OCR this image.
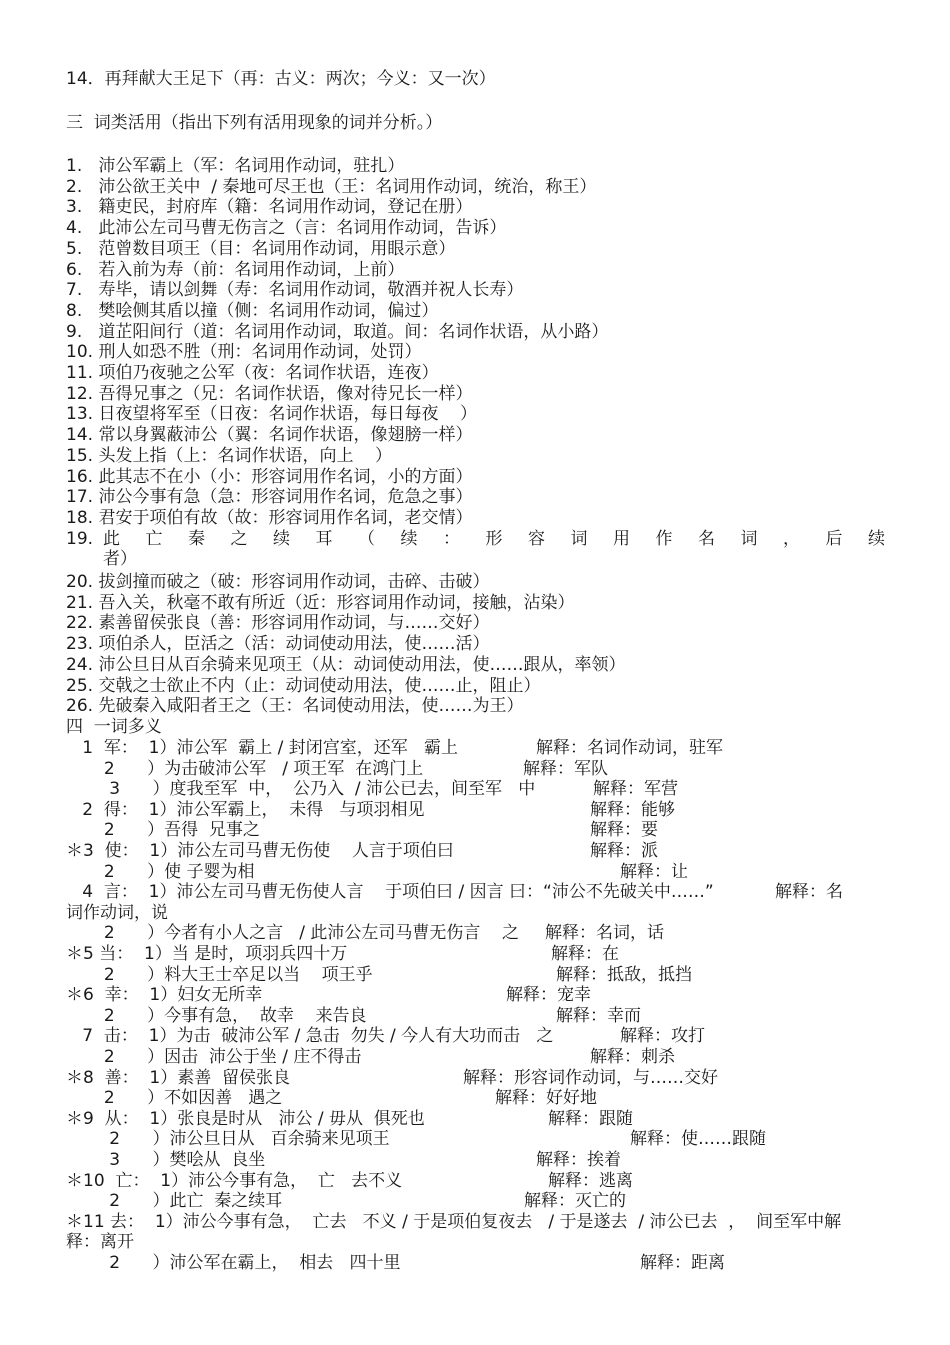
14．再拜献大王足下（再：古义：两次；今义：又一次）
三  词类活用（指出下列有活用现象的词并分析。）
1.   沛公军霸上（军：名词用作动词，驻扎）
2.   沛公欲王关中  / 秦地可尽王也（王：名词用作动词，统治，称王）
3.   籍吏民，封府库（籍：名词用作动词，登记在册）
4.   此沛公左司马曹无伤言之（言：名词用作动词，告诉）
5.   范曾数目项王（目：名词用作动词，用眼示意）
6.   若入前为寿（前：名词用作动词，上前）
7.   寿毕，请以剑舞（寿：名词用作动词，敬酒并祝人长寿）
8.   樊哙侧其盾以撞（侧：名词用作动词，偏过）
9.   道芷阳间行（道：名词用作动词，取道。间：名词作状语，从小路）
10. 刑人如恐不胜（刑：名词用作动词，处罚）
11. 项伯乃夜驰之公军（夜：名词作状语，连夜）
12. 吾得兄事之（兄：名词作状语，像对待兄长一样）
13. 日夜望将军至（日夜：名词作状语，每日每夜    ）
14. 常以身翼蔽沛公（翼：名词作状语，像翅膀一样）
15. 头发上指（上：名词作状语，向上    ）
16. 此其志不在小（小：形容词用作名词，小的方面）
17. 沛公今事有急（急：形容词用作名词，危急之事）
18. 君安于项伯有故（故：形容词用作名词，老交情）
19. 此 亡 秦 之 续 耳 （ 续 ： 形 容 词 用 作 名 词 ， 后 续
者）
20. 拔剑撞而破之（破：形容词用作动词，击碎、击破）
21. 吾入关，秋毫不敢有所近（近：形容词用作动词，接触，沾染）
22. 素善留侯张良（善：形容词用作动词，与……交好）
23. 项伯杀人，臣活之（活：动词使动用法，使……活）
24. 沛公旦日从百余骑来见项王（从：动词使动用法，使……跟从，率领）
25. 交戟之士欲止不内（止：动词使动用法，使……止，阻止）
26. 先破秦入咸阳者王之（王：名词使动用法，使……为王）
四  一词多义
1  军：  1）沛公军  霸上 / 封闭宫室，还军   霸上	解释：名词作动词，驻军
2      ）为击破沛公军   / 项王军  在鸿门上	解释：军队
3      ）度我至军  中，  公乃入  / 沛公已去，间至军   中	解释：军营
2  得：  1）沛公军霸上，  未得   与项羽相见	解释：能够
2      ）吾得  兄事之	解释：要
＊3  使：  1）沛公左司马曹无伤使    人言于项伯曰	解释：派
2      ）使 子婴为相	解释：让
4  言：  1）沛公左司马曹无伤使人言    于项伯曰 / 因言 曰：“沛公不先破关中……”	解释：名
词作动词，说
2      ）今者有小人之言   / 此沛公左司马曹无伤言    之 解释：名词，话
＊5 当：  1）当 是时，项羽兵四十万	解释：在
2      ）料大王士卒足以当    项王乎	解释：抵敌，抵挡
＊6  幸：  1）妇女无所幸	解释：宠幸
2      ）今事有急，  故幸    来告良	解释：幸而
7  击：  1）为击  破沛公军 / 急击  勿失 / 今人有大功而击   之	解释：攻打
2      ）因击  沛公于坐 / 庄不得击	解释：刺杀
＊8  善：  1）素善  留侯张良	解释：形容词作动词，与……交好
2      ）不如因善   遇之	解释：好好地
＊9  从：  1）张良是时从   沛公 / 毋从  俱死也	解释：跟随
2      ）沛公旦日从   百余骑来见项王	解释：使……跟随
3      ）樊哙从  良坐	解释：挨着
＊10  亡：  1）沛公今事有急，  亡   去不义	解释：逃离
2      ）此亡  秦之续耳	解释：灭亡的
＊11 去：  1）沛公今事有急，  亡去   不义 / 于是项伯复夜去   / 于是遂去  / 沛公已去  ，  间至军中解
释：离开
2      ）沛公军在霸上，  相去   四十里	解释：距离
